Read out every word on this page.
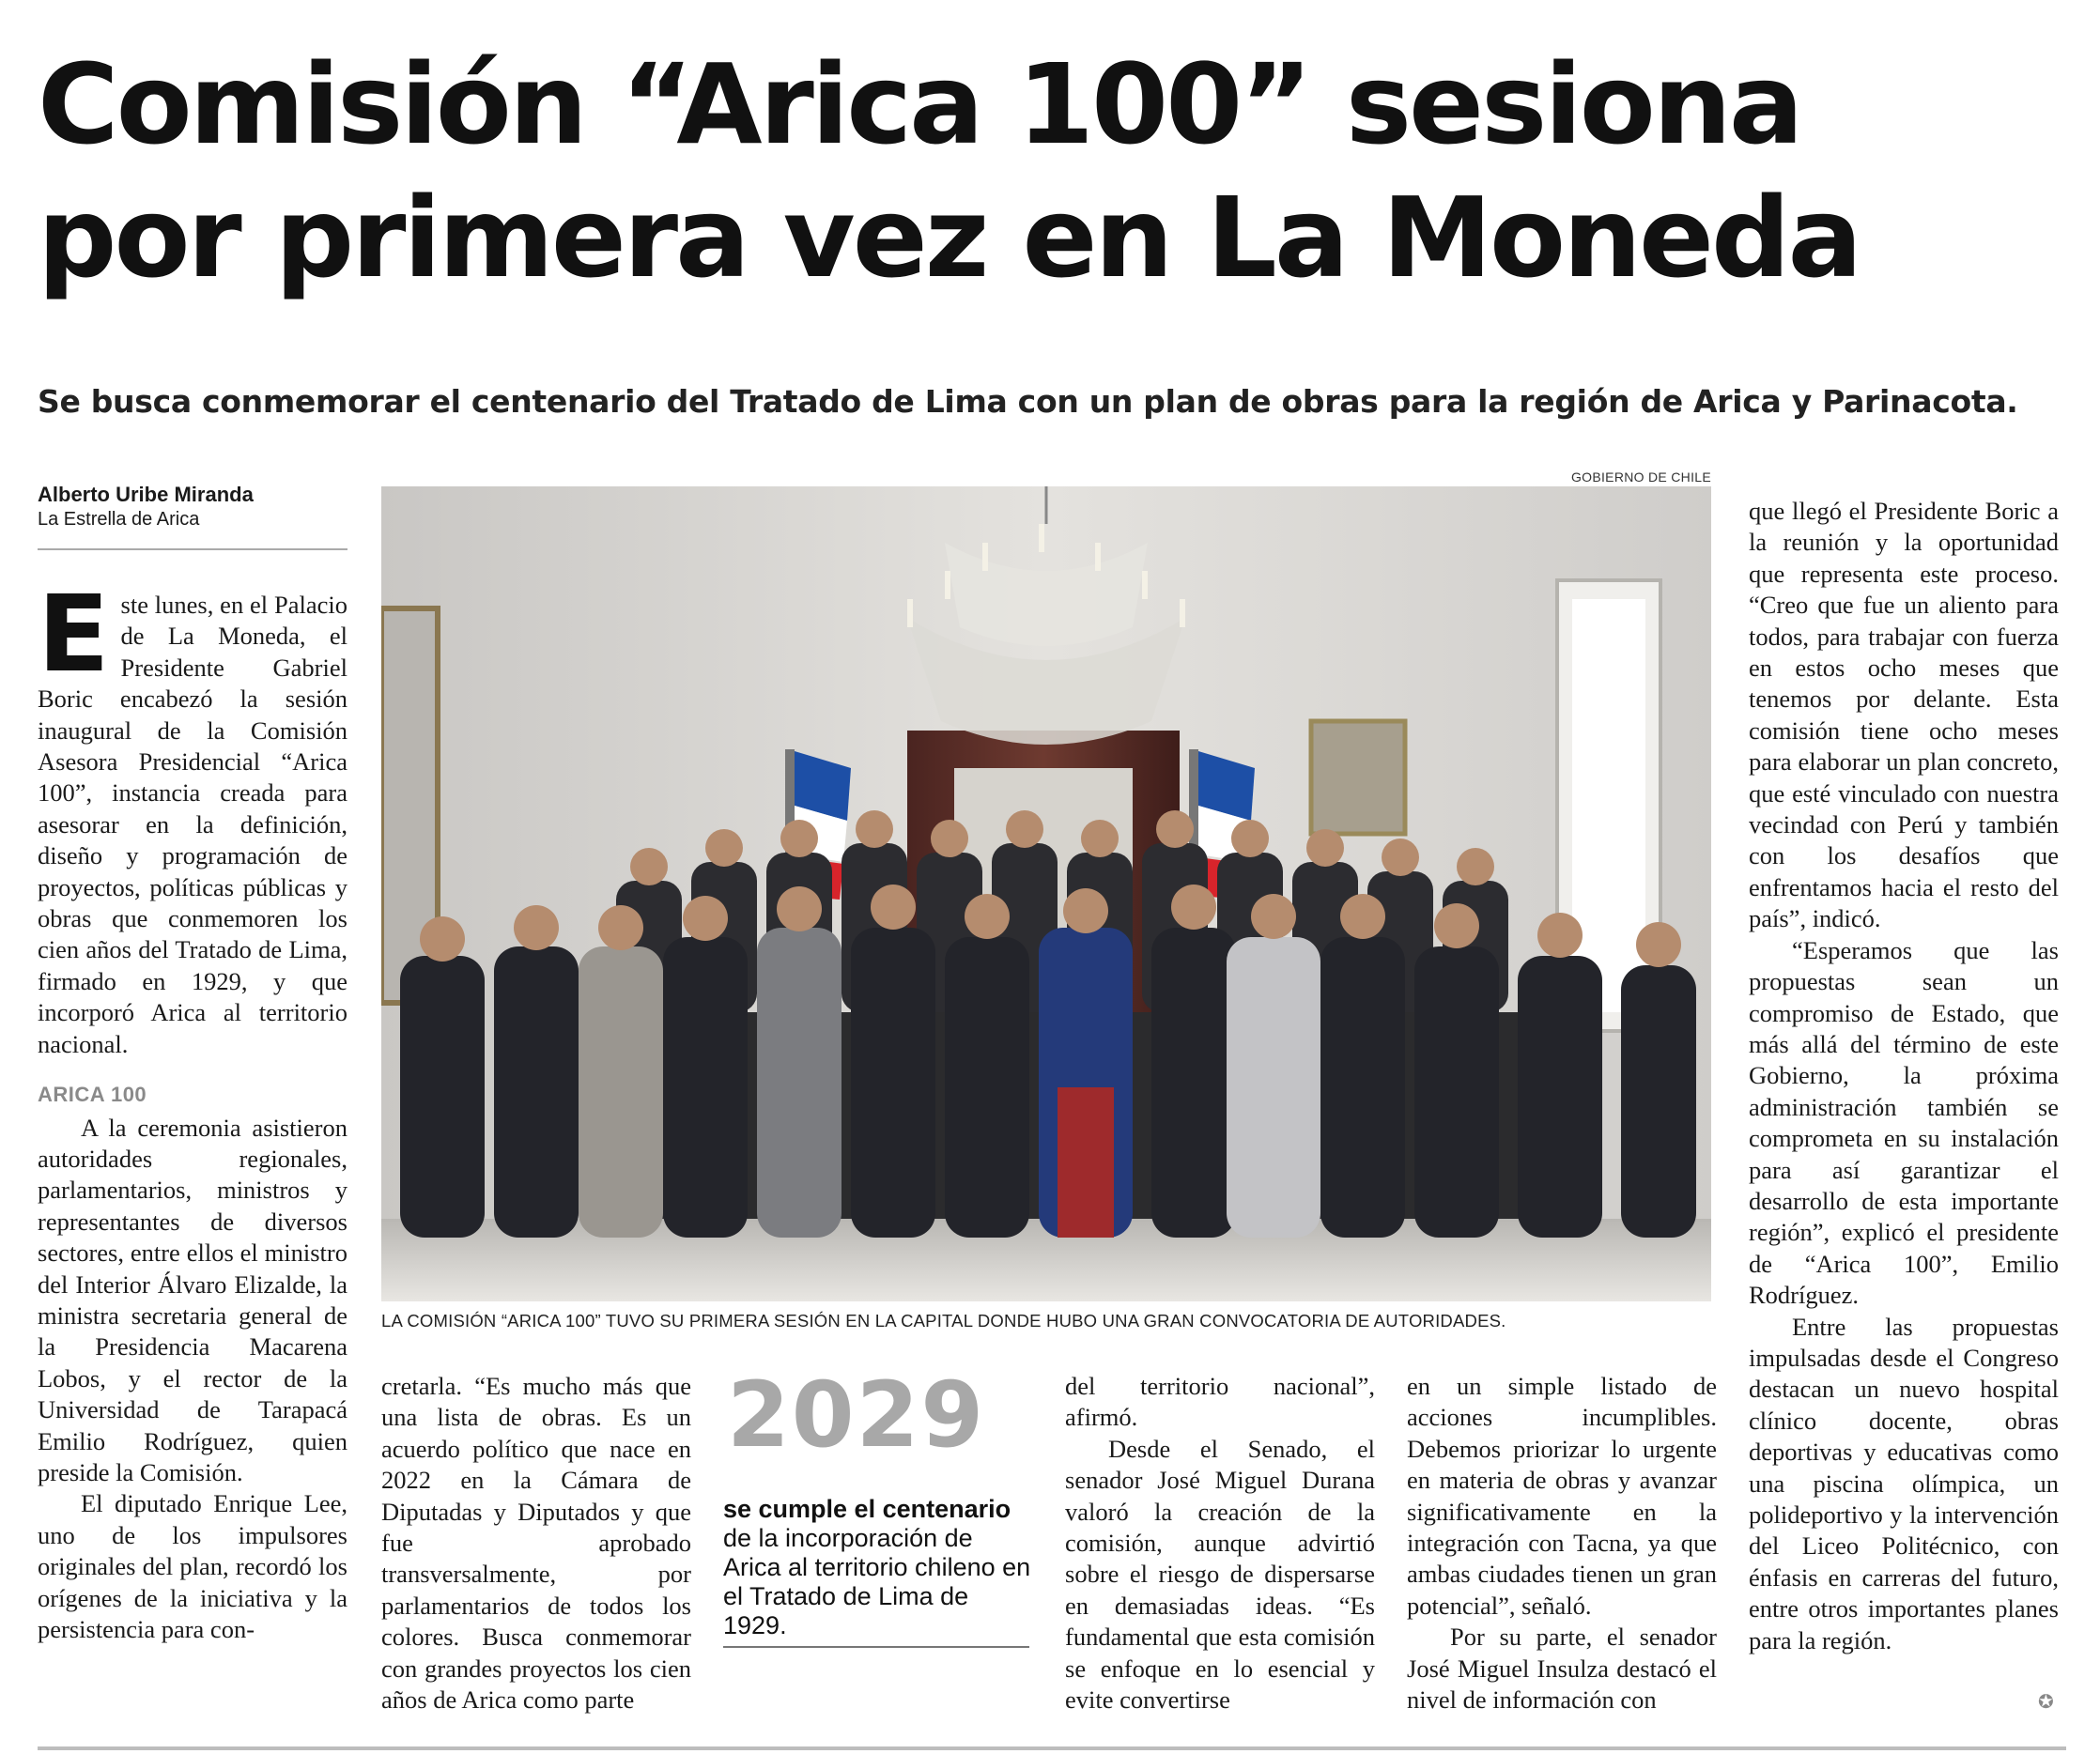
Comisión “Arica 100” sesiona
por primera vez en La Moneda
Se busca conmemorar el centenario del Tratado de Lima con un plan de obras para la región de Arica y Parinacota.
Alberto Uribe Miranda
La Estrella de Arica

Este lunes, en el Palacio de La Moneda, el Presidente Gabriel Boric encabezó la sesión inaugural de la Comisión Asesora Presidencial “Arica 100”, instancia creada para asesorar en la definición, diseño y programación de proyectos, políticas públicas y obras que conmemoren los cien años del Tratado de Lima, firmado en 1929, y que incorporó Arica al territorio nacional.

ARICA 100

A la ceremonia asistieron autoridades regionales, parlamentarios, ministros y representantes de diversos sectores, entre ellos el ministro del Interior Álvaro Elizalde, la ministra secretaria general de la Presidencia Macarena Lobos, y el rector de la Universidad de Tarapacá Emilio Rodríguez, quien preside la Comisión.

El diputado Enrique Lee, uno de los impulsores originales del plan, recordó los orígenes de la iniciativa y la persistencia para con-

GOBIERNO DE CHILE
LA COMISIÓN “ARICA 100” TUVO SU PRIMERA SESIÓN EN LA CAPITAL DONDE HUBO UNA GRAN CONVOCATORIA DE AUTORIDADES.

cretarla. “Es mucho más que una lista de obras. Es un acuerdo político que nace en 2022 en la Cámara de Diputadas y Diputados y que fue aprobado transversalmente, por parlamentarios de todos los colores. Busca conmemorar con grandes proyectos los cien años de Arica como parte

2029
se cumple el centenario
de la incorporación de Arica al territorio chileno en el Tratado de Lima de 1929.

del territorio nacional”, afirmó.

Desde el Senado, el senador José Miguel Durana valoró la creación de la comisión, aunque advirtió sobre el riesgo de dispersarse en demasiadas ideas. “Es fundamental que esta comisión se enfoque en lo esencial y evite convertirse

en un simple listado de acciones incumplibles. Debemos priorizar lo urgente en materia de obras y avanzar significativamente en la integración con Tacna, ya que ambas ciudades tienen un gran potencial”, señaló.

Por su parte, el senador José Miguel Insulza destacó el nivel de información con

que llegó el Presidente Boric a la reunión y la oportunidad que representa este proceso. “Creo que fue un aliento para todos, para trabajar con fuerza en estos ocho meses que tenemos por delante. Esta comisión tiene ocho meses para elaborar un plan concreto, que esté vinculado con nuestra vecindad con Perú y también con los desafíos que enfrentamos hacia el resto del país”, indicó.

“Esperamos que las propuestas sean un compromiso de Estado, que más allá del término de este Gobierno, la próxima administración también se comprometa en su instalación para así garantizar el desarrollo de esta importante región”, explicó el presidente de “Arica 100”, Emilio Rodríguez.

Entre las propuestas impulsadas desde el Congreso destacan un nuevo hospital clínico docente, obras deportivas y educativas como una piscina olímpica, un polideportivo y la intervención del Liceo Politécnico, con énfasis en carreras del futuro, entre otros importantes planes para la región.

✪
